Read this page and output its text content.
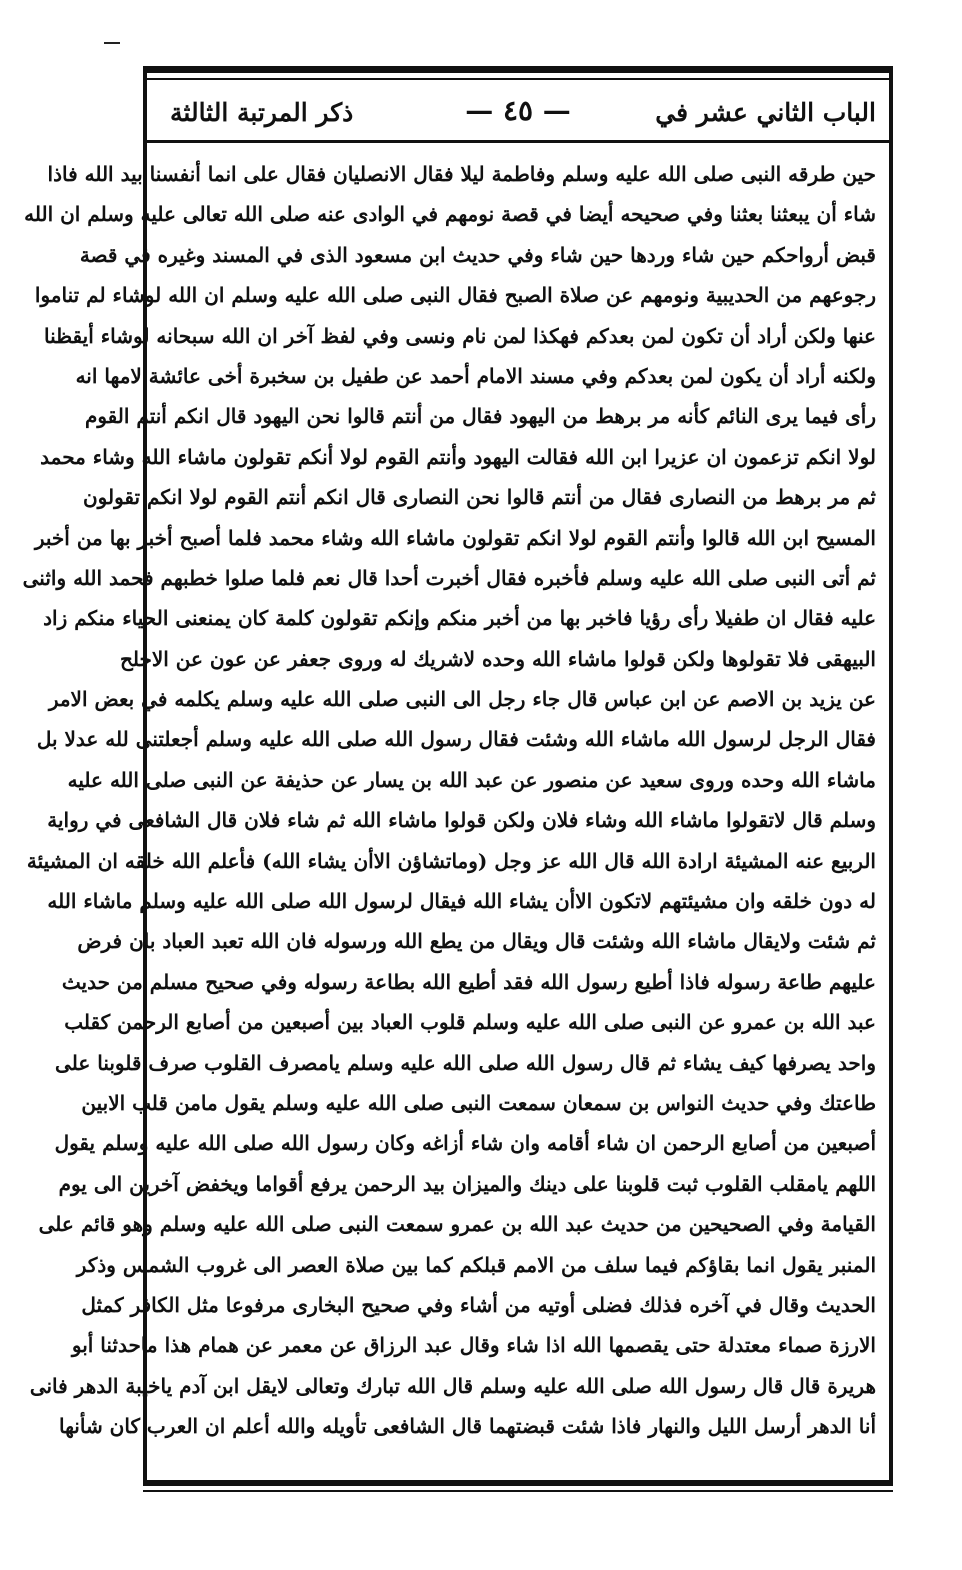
الباب الثاني عشر في
— ٤٥ —
ذكر المرتبة الثالثة
حين طرقه النبى صلى الله عليه وسلم وفاطمة ليلا فقال الانصليان فقال على انما أنفسنا بيد الله فاذا
شاء أن يبعثنا بعثنا وفي صحيحه أيضا في قصة نومهم في الوادى عنه صلى الله تعالى عليه وسلم ان الله
قبض أرواحكم حين شاء وردها حين شاء وفي حديث ابن مسعود الذى في المسند وغيره في قصة
رجوعهم من الحديبية ونومهم عن صلاة الصبح فقال النبى صلى الله عليه وسلم ان الله لوشاء لم تناموا
عنها ولكن أراد أن تكون لمن بعدكم فهكذا لمن نام ونسى وفي لفظ آخر ان الله سبحانه لوشاء أيقظنا
ولكنه أراد أن يكون لمن بعدكم وفي مسند الامام أحمد عن طفيل بن سخبرة أخى عائشة لامها انه
رأى فيما يرى النائم كأنه مر برهط من اليهود فقال من أنتم قالوا نحن اليهود قال انكم أنتم القوم
لولا انكم تزعمون ان عزيرا ابن الله فقالت اليهود وأنتم القوم لولا أنكم تقولون ماشاء الله وشاء محمد
ثم مر برهط من النصارى فقال من أنتم قالوا نحن النصارى قال انكم أنتم القوم لولا انكم تقولون
المسيح ابن الله قالوا وأنتم القوم لولا انكم تقولون ماشاء الله وشاء محمد فلما أصبح أخبر بها من أخبر
ثم أتى النبى صلى الله عليه وسلم فأخبره فقال أخبرت أحدا قال نعم فلما صلوا خطبهم فحمد الله واثنى
عليه فقال ان طفيلا رأى رؤيا فاخبر بها من أخبر منكم وإنكم تقولون كلمة كان يمنعنى الحياء منكم زاد
البيهقى فلا تقولوها ولكن قولوا ماشاء الله وحده لاشريك له وروى جعفر عن عون عن الاجلح
عن يزيد بن الاصم عن ابن عباس قال جاء رجل الى النبى صلى الله عليه وسلم يكلمه في بعض الامر
فقال الرجل لرسول الله ماشاء الله وشئت فقال رسول الله صلى الله عليه وسلم أجعلتنى لله عدلا بل
ماشاء الله وحده وروى سعيد عن منصور عن عبد الله بن يسار عن حذيفة عن النبى صلى الله عليه
وسلم قال لاتقولوا ماشاء الله وشاء فلان ولكن قولوا ماشاء الله ثم شاء فلان قال الشافعى في رواية
الربيع عنه المشيئة ارادة الله قال الله عز وجل (وماتشاؤن الاأن يشاء الله) فأعلم الله خلقه ان المشيئة
له دون خلقه وان مشيئتهم لاتكون الاأن يشاء الله فيقال لرسول الله صلى الله عليه وسلم ماشاء الله
ثم شئت ولايقال ماشاء الله وشئت قال ويقال من يطع الله ورسوله فان الله تعبد العباد بان فرض
عليهم طاعة رسوله فاذا أطيع رسول الله فقد أطيع الله بطاعة رسوله وفي صحيح مسلم من حديث
عبد الله بن عمرو عن النبى صلى الله عليه وسلم قلوب العباد بين أصبعين من أصابع الرحمن كقلب
واحد يصرفها كيف يشاء ثم قال رسول الله صلى الله عليه وسلم يامصرف القلوب صرف قلوبنا على
طاعتك وفي حديث النواس بن سمعان سمعت النبى صلى الله عليه وسلم يقول مامن قلب الابين
أصبعين من أصابع الرحمن ان شاء أقامه وان شاء أزاغه وكان رسول الله صلى الله عليه وسلم يقول
اللهم يامقلب القلوب ثبت قلوبنا على دينك والميزان بيد الرحمن يرفع أقواما ويخفض آخرين الى يوم
القيامة وفي الصحيحين من حديث عبد الله بن عمرو سمعت النبى صلى الله عليه وسلم وهو قائم على
المنبر يقول انما بقاؤكم فيما سلف من الامم قبلكم كما بين صلاة العصر الى غروب الشمس وذكر
الحديث وقال في آخره فذلك فضلى أوتيه من أشاء وفي صحيح البخارى مرفوعا مثل الكافر كمثل
الارزة صماء معتدلة حتى يقصمها الله اذا شاء وقال عبد الرزاق عن معمر عن همام هذا ماحدثنا أبو
هريرة قال قال رسول الله صلى الله عليه وسلم قال الله تبارك وتعالى لايقل ابن آدم ياخيبة الدهر فانى
أنا الدهر أرسل الليل والنهار فاذا شئت قبضتهما قال الشافعى تأويله والله أعلم ان العرب كان شأنها
